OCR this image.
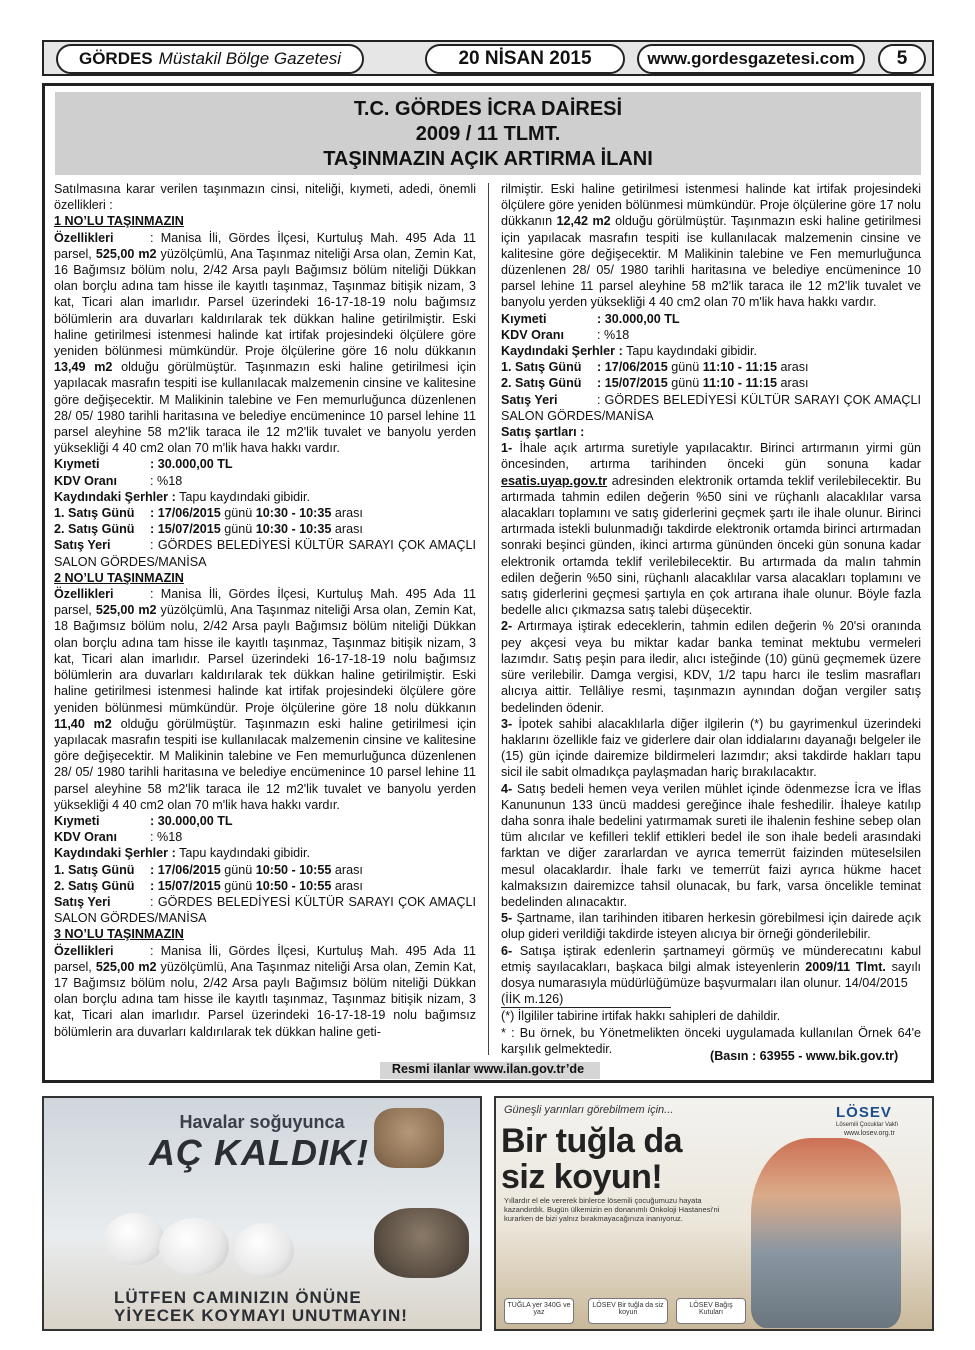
GÖRDES Müstakil Bölge Gazetesi	20 NİSAN 2015	www.gordesgazetesi.com	5
T.C. GÖRDES İCRA DAİRESİ
2009 / 11 TLMT.
TAŞINMAZIN AÇIK ARTIRMA İLANI

Satılmasına karar verilen taşınmazın cinsi, niteliği, kıymeti, adedi, önemli özellikleri :

1 NO’LU TAŞINMAZIN

Özellikleri	: Manisa İli, Gördes İlçesi, Kurtuluş Mah. 495 Ada 11 parsel, 525,00 m2 yüzölçümlü, Ana Taşınmaz niteliği Arsa olan, Zemin Kat, 16 Bağımsız bölüm nolu, 2/42 Arsa paylı Bağımsız bölüm niteliği Dükkan olan borçlu adına tam hisse ile kayıtlı taşınmaz, Taşınmaz bitişik nizam, 3 kat, Ticari alan imarlıdır. Parsel üzerindeki 16-17-18-19 nolu bağımsız bölümlerin ara duvarları kaldırılarak tek dükkan haline getirilmiştir. Eski haline getirilmesi istenmesi halinde kat irtifak projesindeki ölçülere göre yeniden bölünmesi mümkündür. Proje ölçülerine göre 16 nolu dükkanın 13,49 m2 olduğu görülmüştür. Taşınmazın eski haline getirilmesi için yapılacak masrafın tespiti ise kullanılacak malzemenin cinsine ve kalitesine göre değişecektir. M Malikinin talebine ve Fen memurluğunca düzenlenen 28/ 05/ 1980 tarihli haritasına ve belediye encümenince 10 parsel lehine 11 parsel aleyhine 58 m2'lik taraca ile 12 m2'lik tuvalet ve banyolu yerden yüksekliği 4 40 cm2 olan 70 m'lik hava hakkı vardır.

Kıymeti	: 30.000,00 TL

KDV Oranı	: %18

Kaydındaki Şerhler : Tapu kaydındaki gibidir.

1. Satış Günü : 17/06/2015 günü 10:30 - 10:35 arası

2. Satış Günü : 15/07/2015 günü 10:30 - 10:35 arası

Satış Yeri	: GÖRDES BELEDİYESİ KÜLTÜR SARAYI ÇOK AMAÇLI SALON GÖRDES/MANİSA

2 NO’LU TAŞINMAZIN

Özellikleri	: Manisa İli, Gördes İlçesi, Kurtuluş Mah. 495 Ada 11 parsel, 525,00 m2 yüzölçümlü, Ana Taşınmaz niteliği Arsa olan, Zemin Kat, 18 Bağımsız bölüm nolu, 2/42 Arsa paylı Bağımsız bölüm niteliği Dükkan olan borçlu adına tam hisse ile kayıtlı taşınmaz, Taşınmaz bitişik nizam, 3 kat, Ticari alan imarlıdır. Parsel üzerindeki 16-17-18-19 nolu bağımsız bölümlerin ara duvarları kaldırılarak tek dükkan haline getirilmiştir. Eski haline getirilmesi istenmesi halinde kat irtifak projesindeki ölçülere göre yeniden bölünmesi mümkündür. Proje ölçülerine göre 18 nolu dükkanın 11,40 m2 olduğu görülmüştür. Taşınmazın eski haline getirilmesi için yapılacak masrafın tespiti ise kullanılacak malzemenin cinsine ve kalitesine göre değişecektir. M Malikinin talebine ve Fen memurluğunca düzenlenen 28/ 05/ 1980 tarihli haritasına ve belediye encümenince 10 parsel lehine 11 parsel aleyhine 58 m2'lik taraca ile 12 m2'lik tuvalet ve banyolu yerden yüksekliği 4 40 cm2 olan 70 m'lik hava hakkı vardır.

Kıymeti	: 30.000,00 TL

KDV Oranı	: %18

Kaydındaki Şerhler : Tapu kaydındaki gibidir.

1. Satış Günü : 17/06/2015 günü 10:50 - 10:55 arası

2. Satış Günü : 15/07/2015 günü 10:50 - 10:55 arası

Satış Yeri	: GÖRDES BELEDİYESİ KÜLTÜR SARAYI ÇOK AMAÇLI SALON GÖRDES/MANİSA

3 NO’LU TAŞINMAZIN

Özellikleri	: Manisa İli, Gördes İlçesi, Kurtuluş Mah. 495 Ada 11 parsel, 525,00 m2 yüzölçümlü, Ana Taşınmaz niteliği Arsa olan, Zemin Kat, 17 Bağımsız bölüm nolu, 2/42 Arsa paylı Bağımsız bölüm niteliği Dükkan olan borçlu adına tam hisse ile kayıtlı taşınmaz, Taşınmaz bitişik nizam, 3 kat, Ticari alan imarlıdır. Parsel üzerindeki 16-17-18-19 nolu bağımsız bölümlerin ara duvarları kaldırılarak tek dükkan haline geti-

rilmiştir. Eski haline getirilmesi istenmesi halinde kat irtifak projesindeki ölçülere göre yeniden bölünmesi mümkündür. Proje ölçülerine göre 17 nolu dükkanın 12,42 m2 olduğu görülmüştür. Taşınmazın eski haline getirilmesi için yapılacak masrafın tespiti ise kullanılacak malzemenin cinsine ve kalitesine göre değişecektir. M Malikinin talebine ve Fen memurluğunca düzenlenen 28/ 05/ 1980 tarihli haritasına ve belediye encümenince 10 parsel lehine 11 parsel aleyhine 58 m2'lik taraca ile 12 m2'lik tuvalet ve banyolu yerden yüksekliği 4 40 cm2 olan 70 m'lik hava hakkı vardır.

Kıymeti	: 30.000,00 TL

KDV Oranı	: %18

Kaydındaki Şerhler : Tapu kaydındaki gibidir.

1. Satış Günü : 17/06/2015 günü 11:10 - 11:15 arası

2. Satış Günü : 15/07/2015 günü 11:10 - 11:15 arası

Satış Yeri	: GÖRDES BELEDİYESİ KÜLTÜR SARAYI ÇOK AMAÇLI SALON GÖRDES/MANİSA

Satış şartları :

1- İhale açık artırma suretiyle yapılacaktır. Birinci artırmanın yirmi gün öncesinden, artırma tarihinden önceki gün sonuna kadar esatis.uyap.gov.tr adresinden elektronik ortamda teklif verilebilecektir. Bu artırmada tahmin edilen değerin %50 sini ve rüçhanlı alacaklılar varsa alacakları toplamını ve satış giderlerini geçmek şartı ile ihale olunur. Birinci artırmada istekli bulunmadığı takdirde elektronik ortamda birinci artırmadan sonraki beşinci günden, ikinci artırma gününden önceki gün sonuna kadar elektronik ortamda teklif verilebilecektir. Bu artırmada da malın tahmin edilen değerin %50 sini, rüçhanlı alacaklılar varsa alacakları toplamını ve satış giderlerini geçmesi şartıyla en çok artırana ihale olunur. Böyle fazla bedelle alıcı çıkmazsa satış talebi düşecektir.

2- Artırmaya iştirak edeceklerin, tahmin edilen değerin % 20'si oranında pey akçesi veya bu miktar kadar banka teminat mektubu vermeleri lazımdır. Satış peşin para iledir, alıcı isteğinde (10) günü geçmemek üzere süre verilebilir. Damga vergisi, KDV, 1/2 tapu harcı ile teslim masrafları alıcıya aittir. Tellâliye resmi, taşınmazın aynından doğan vergiler satış bedelinden ödenir.

3- İpotek sahibi alacaklılarla diğer ilgilerin (*) bu gayrimenkul üzerindeki haklarını özellikle faiz ve giderlere dair olan iddialarını dayanağı belgeler ile (15) gün içinde dairemize bildirmeleri lazımdır; aksi takdirde hakları tapu sicil ile sabit olmadıkça paylaşmadan hariç bırakılacaktır.

4- Satış bedeli hemen veya verilen mühlet içinde ödenmezse İcra ve İflas Kanununun 133 üncü maddesi gereğince ihale feshedilir. İhaleye katılıp daha sonra ihale bedelini yatırmamak sureti ile ihalenin feshine sebep olan tüm alıcılar ve kefilleri teklif ettikleri bedel ile son ihale bedeli arasındaki farktan ve diğer zararlardan ve ayrıca temerrüt faizinden müteselsilen mesul olacaklardır. İhale farkı ve temerrüt faizi ayrıca hükme hacet kalmaksızın dairemizce tahsil olunacak, bu fark, varsa öncelikle teminat bedelinden alınacaktır.

5- Şartname, ilan tarihinden itibaren herkesin görebilmesi için dairede açık olup gideri verildiği takdirde isteyen alıcıya bir örneği gönderilebilir.

6- Satışa iştirak edenlerin şartnameyi görmüş ve münderecatını kabul etmiş sayılacakları, başkaca bilgi almak isteyenlerin 2009/11 Tlmt. sayılı dosya numarasıyla müdürlüğümüze başvurmaları ilan olunur. 14/04/2015

(İİK m.126)

(*) İlgililer tabirine irtifak hakkı sahipleri de dahildir.

* : Bu örnek, bu Yönetmelikten önceki uygulamada kullanılan Örnek 64'e karşılık gelmektedir.

(Basın : 63955 - www.bik.gov.tr)
Resmi ilanlar www.ilan.gov.tr’de
Havalar soğuyunca
AÇ KALDIK!
LÜTFEN CAMINIZIN ÖNÜNE
YİYECEK KOYMAYI UNUTMAYIN!
Güneşli yarınları görebilmem için...
Bir tuğla da
siz koyun!
Yıllardır el ele vererek binlerce lösemili çocuğumuzu hayata kazandırdık. Bugün ülkemizin en donanımlı Onkoloji Hastanesi'ni kurarken de bizi yalnız bırakmayacağınıza inanıyoruz.
LÖSEV
Lösemili Çocuklar Vakfı
www.losev.org.tr
TUĞLA yer 340G ve yaz
LÖSEV Bir tuğla da siz koyun
LÖSEV Bağış Kutuları
